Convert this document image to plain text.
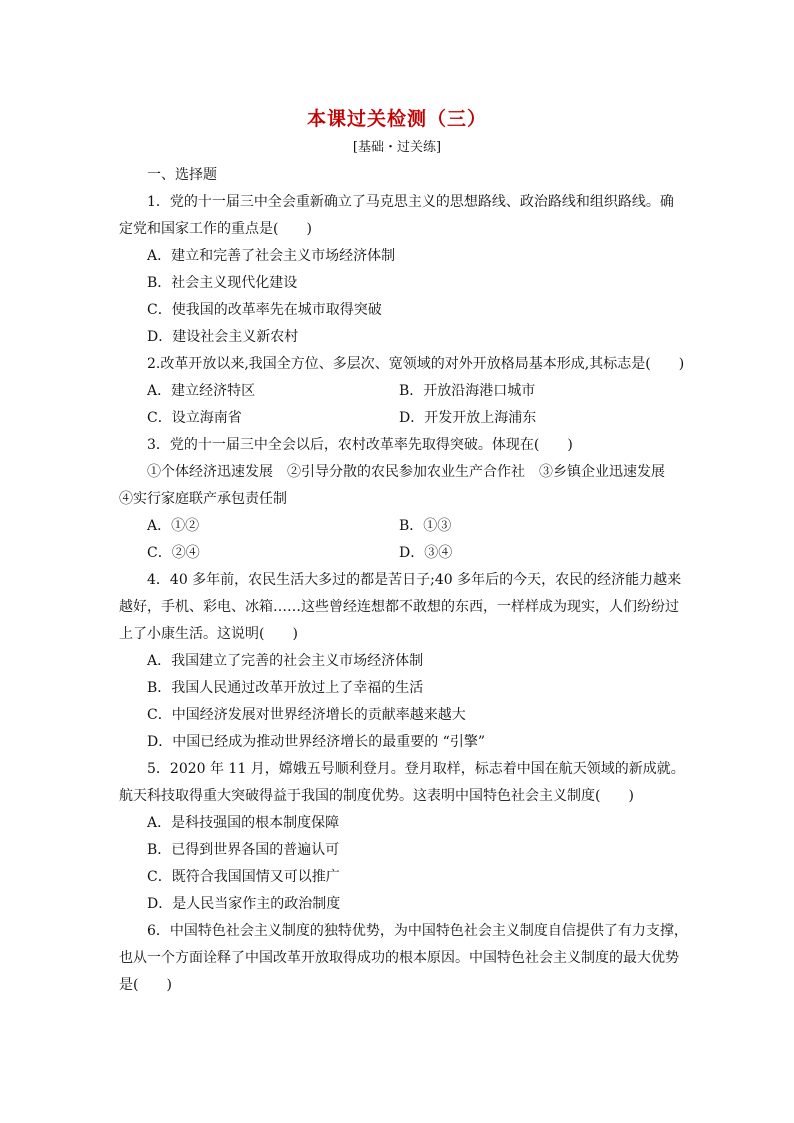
本课过关检测（三）
[基础・过关练]
一、选择题
1．党的十一届三中全会重新确立了马克思主义的思想路线、政治路线和组织路线。确
定党和国家工作的重点是(　　)
A．建立和完善了社会主义市场经济体制
B．社会主义现代化建设
C．使我国的改革率先在城市取得突破
D．建设社会主义新农村
2.改革开放以来,我国全方位、多层次、宽领域的对外开放格局基本形成,其标志是(　　)
A．建立经济特区	B．开放沿海港口城市
C．设立海南省	D．开发开放上海浦东
3．党的十一届三中全会以后，农村改革率先取得突破。体现在(　　)
①个体经济迅速发展　②引导分散的农民参加农业生产合作社　③乡镇企业迅速发展
④实行家庭联产承包责任制
A．①②	B．①③
C．②④	D．③④
4．40 多年前，农民生活大多过的都是苦日子;40 多年后的今天，农民的经济能力越来
越好，手机、彩电、冰箱……这些曾经连想都不敢想的东西，一样样成为现实，人们纷纷过
上了小康生活。这说明(　　)
A．我国建立了完善的社会主义市场经济体制
B．我国人民通过改革开放过上了幸福的生活
C．中国经济发展对世界经济增长的贡献率越来越大
D．中国已经成为推动世界经济增长的最重要的 “引擎”
5．2020 年 11 月，嫦娥五号顺利登月。登月取样，标志着中国在航天领域的新成就。
航天科技取得重大突破得益于我国的制度优势。这表明中国特色社会主义制度(　　)
A．是科技强国的根本制度保障
B．已得到世界各国的普遍认可
C．既符合我国国情又可以推广
D．是人民当家作主的政治制度
6．中国特色社会主义制度的独特优势，为中国特色社会主义制度自信提供了有力支撑，
也从一个方面诠释了中国改革开放取得成功的根本原因。中国特色社会主义制度的最大优势
是(　　)
